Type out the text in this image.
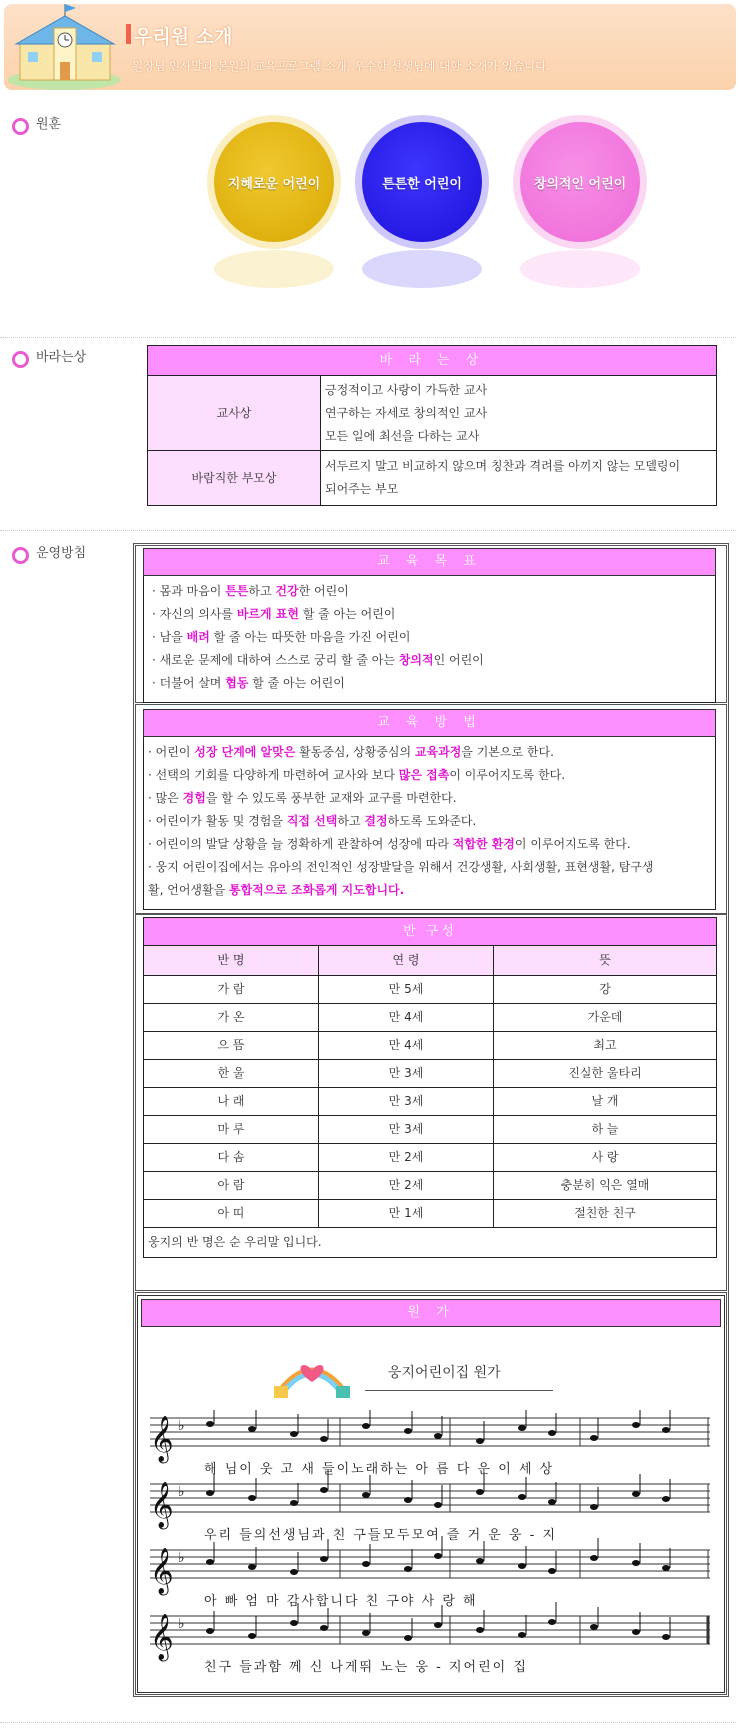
우리원 소개
원장님 인사말과 본원의 교육프로그램 소개, 우수한 선생님에 대한 소개가 있습니다.
원훈
지혜로운 어린이	튼튼한 어린이	창의적인 어린이
바라는상	바 라 는 상	
교사상	긍정적이고 사랑이 가득한 교사
연구하는 자세로 창의적인 교사
모든 일에 최선을 다하는 교사

바람직한 부모상	서두르지 말고 비교하지 않으며 칭찬과 격려를 아끼지 않는 모델링이
되어주는 부모
운영방침
교 육 목 표
· 몸과 마음이 튼튼하고 건강한 어린이
· 자신의 의사를 바르게 표현 할 줄 아는 어린이
· 남을 배려 할 줄 아는 따뜻한 마음을 가진 어린이
· 새로운 문제에 대하여 스스로 궁리 할 줄 아는 창의적인 어린이
· 더불어 살며 협동 할 줄 아는 어린이
교 육 방 법
· 어린이 성장 단계에 알맞은 활동중심, 상황중심의 교육과정을 기본으로 한다.
· 선택의 기회를 다양하게 마련하여 교사와 보다 많은 접촉이 이루어지도록 한다.
· 많은 경험을 할 수 있도록 풍부한 교재와 교구를 마련한다.
· 어린이가 활동 및 경험을 직접 선택하고 결정하도록 도와준다.
· 어린이의 발달 상황을 늘 정확하게 관찰하여 성장에 따라 적합한 환경이 이루어지도록 한다.
· 웅지 어린이집에서는 유아의 전인적인 성장발달을 위해서 건강생활, 사회생활, 표현생활, 탐구생
활, 언어생활을 통합적으로 조화롭게 지도합니다.
반 구성		
반 명	연 령	뜻
가 람	만 5세	강
가 온	만 4세	가운데
으 뜸	만 4세	최고
한 울	만 3세	진실한 울타리
나 래	만 3세	날 개
마 루	만 3세	하 늘
다 솜	만 2세	사 랑
아 람	만 2세	충분히 익은 열매
아 띠	만 1세	절친한 친구
웅지의 반 명은 순 우리말 입니다.		
원 가
웅지어린이집 원가
𝄞 ♭
𝄞 ♭
𝄞 ♭
𝄞 ♭
해 님이 웃 고 새 들이노래하는 아 름 다 운 이 세 상
우리 들의선생님과 친 구들모두모여 즐 거 운 웅 - 지
아 빠 엄 마 감사합니다 친 구야 사 랑 해
친구 들과함 께 신 나게뛰 노는 웅 - 지어린이 집
